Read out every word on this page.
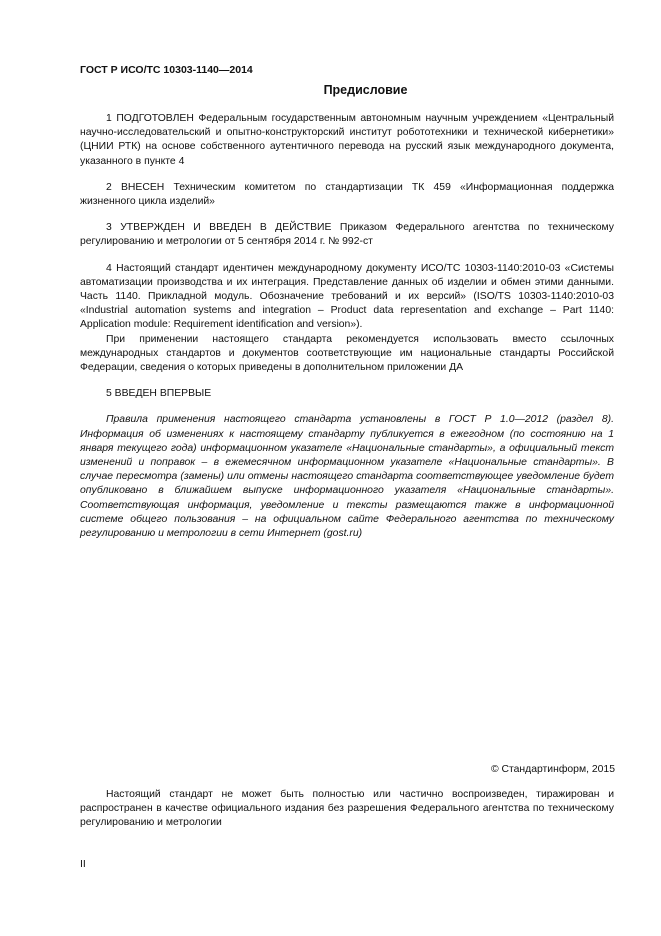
ГОСТ Р ИСО/ТС 10303-1140—2014
Предисловие

1 ПОДГОТОВЛЕН Федеральным государственным автономным научным учреждением «Центральный научно-исследовательский и опытно-конструкторский институт робототехники и технической кибернетики» (ЦНИИ РТК) на основе собственного аутентичного перевода на русский язык международного документа, указанного в пункте 4

2 ВНЕСЕН Техническим комитетом по стандартизации ТК 459 «Информационная поддержка жизненного цикла изделий»

3 УТВЕРЖДЕН И ВВЕДЕН В ДЕЙСТВИЕ Приказом Федерального агентства по техническому регулированию и метрологии от 5 сентября 2014 г. № 992-ст

4 Настоящий стандарт идентичен международному документу ИСО/ТС 10303-1140:2010-03 «Системы автоматизации производства и их интеграция. Представление данных об изделии и обмен этими данными. Часть 1140. Прикладной модуль. Обозначение требований и их версий» (ISO/TS 10303-1140:2010-03 «Industrial automation systems and integration – Product data representation and exchange – Part 1140: Application module: Requirement identification and version»).

При применении настоящего стандарта рекомендуется использовать вместо ссылочных международных стандартов и документов соответствующие им национальные стандарты Российской Федерации, сведения о которых приведены в дополнительном приложении ДА

5 ВВЕДЕН ВПЕРВЫЕ

Правила применения настоящего стандарта установлены в ГОСТ Р 1.0—2012 (раздел 8). Информация об изменениях к настоящему стандарту публикуется в ежегодном (по состоянию на 1 января текущего года) информационном указателе «Национальные стандарты», а официальный текст изменений и поправок – в ежемесячном информационном указателе «Национальные стандарты». В случае пересмотра (замены) или отмены настоящего стандарта соответствующее уведомление будет опубликовано в ближайшем выпуске информационного указателя «Национальные стандарты». Соответствующая информация, уведомление и тексты размещаются также в информационной системе общего пользования – на официальном сайте Федерального агентства по техническому регулированию и метрологии в сети Интернет (gost.ru)

© Стандартинформ, 2015

Настоящий стандарт не может быть полностью или частично воспроизведен, тиражирован и распространен в качестве официального издания без разрешения Федерального агентства по техническому регулированию и метрологии

II
